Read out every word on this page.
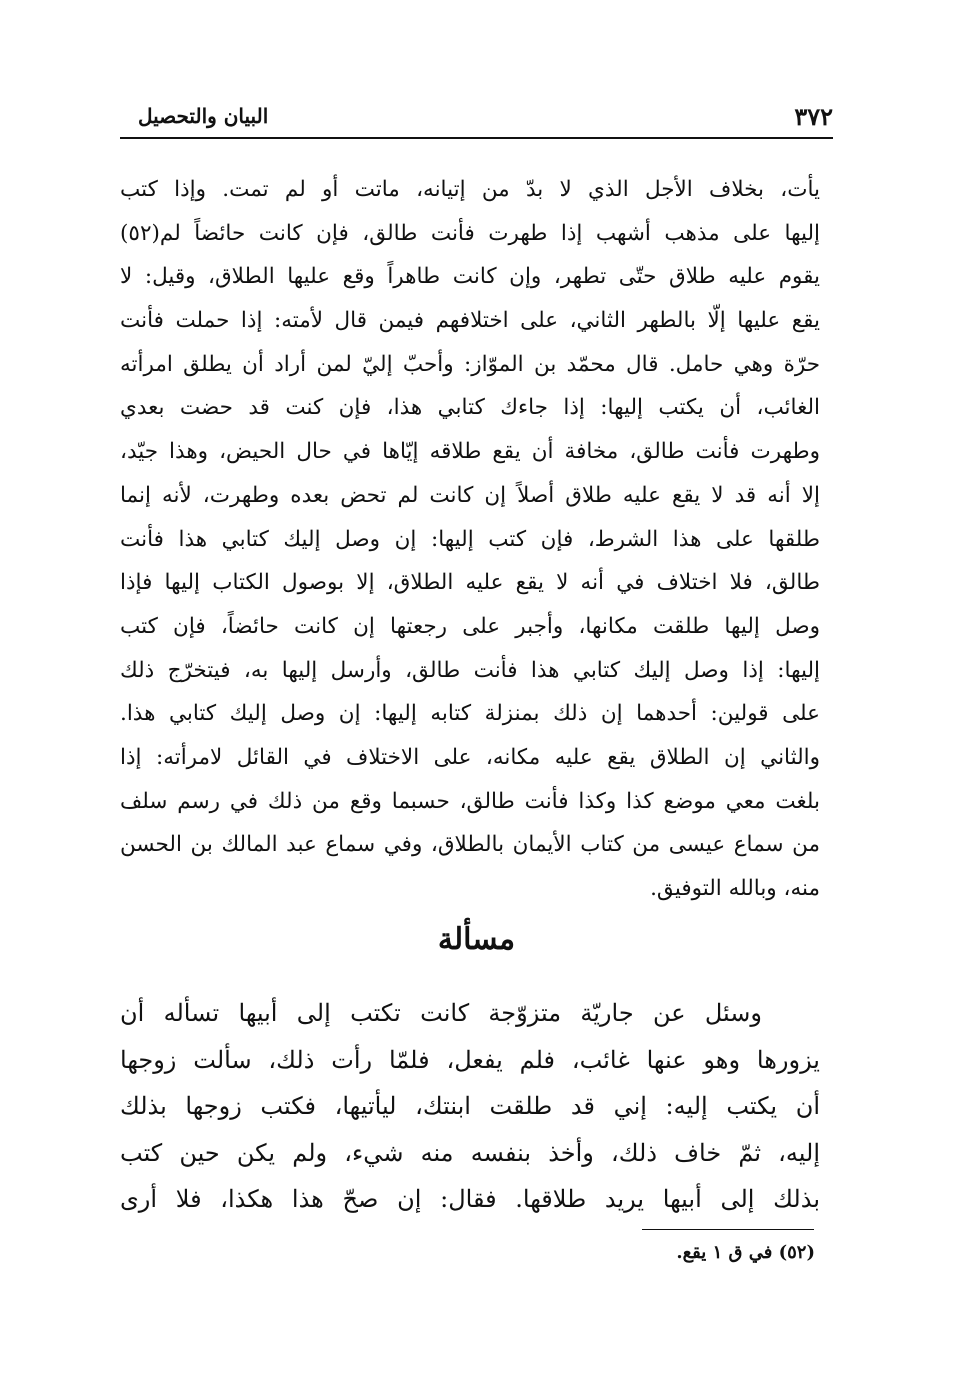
٣٧٢
البيان والتحصيل
يأت، بخلاف الأجل الذي لا بدّ من إتيانه، ماتت أو لم تمت. وإذا كتب
إليها على مذهب أشهب إذا طهرت فأنت طالق، فإن كانت حائضاً لم(٥٢)
يقوم عليه طلاق حتّى تطهر، وإن كانت طاهراً وقع عليها الطلاق، وقيل: لا
يقع عليها إلّا بالطهر الثاني، على اختلافهم فيمن قال لأمته: إذا حملت فأنت
حرّة وهي حامل. قال محمّد بن الموّاز: وأحبّ إليّ لمن أراد أن يطلق امرأته
الغائب، أن يكتب إليها: إذا جاءك كتابي هذا، فإن كنت قد حضت بعدي
وطهرت فأنت طالق، مخافة أن يقع طلاقه إيّاها في حال الحيض، وهذا جيّد،
إلا أنه قد لا يقع عليه طلاق أصلاً إن كانت لم تحض بعده وطهرت، لأنه إنما
طلقها على هذا الشرط، فإن كتب إليها: إن وصل إليك كتابي هذا فأنت
طالق، فلا اختلاف في أنه لا يقع عليه الطلاق، إلا بوصول الكتاب إليها فإذا
وصل إليها طلقت مكانها، وأجبر على رجعتها إن كانت حائضاً، فإن كتب
إليها: إذا وصل إليك كتابي هذا فأنت طالق، وأرسل إليها به، فيتخرّج ذلك
على قولين: أحدهما إن ذلك بمنزلة كتابه إليها: إن وصل إليك كتابي هذا.
والثاني إن الطلاق يقع عليه مكانه، على الاختلاف في القائل لامرأته: إذا
بلغت معي موضع كذا وكذا فأنت طالق، حسبما وقع من ذلك في رسم سلف
من سماع عيسى من كتاب الأيمان بالطلاق، وفي سماع عبد المالك بن الحسن
منه، وبالله التوفيق.
مسألة
وسئل عن جاريّة متزوّجة كانت تكتب إلى أبيها تسأله أن
يزورها وهو عنها غائب، فلم يفعل، فلمّا رأت ذلك، سألت زوجها
أن يكتب إليه: إني قد طلقت ابنتك، ليأتيها، فكتب زوجها بذلك
إليه، ثمّ خاف ذلك، وأخذ بنفسه منه شيء، ولم يكن حين كتب
بذلك إلى أبيها يريد طلاقها. فقال: إن صحّ هذا هكذا، فلا أرى
(٥٢) في ق ١ يقع.
